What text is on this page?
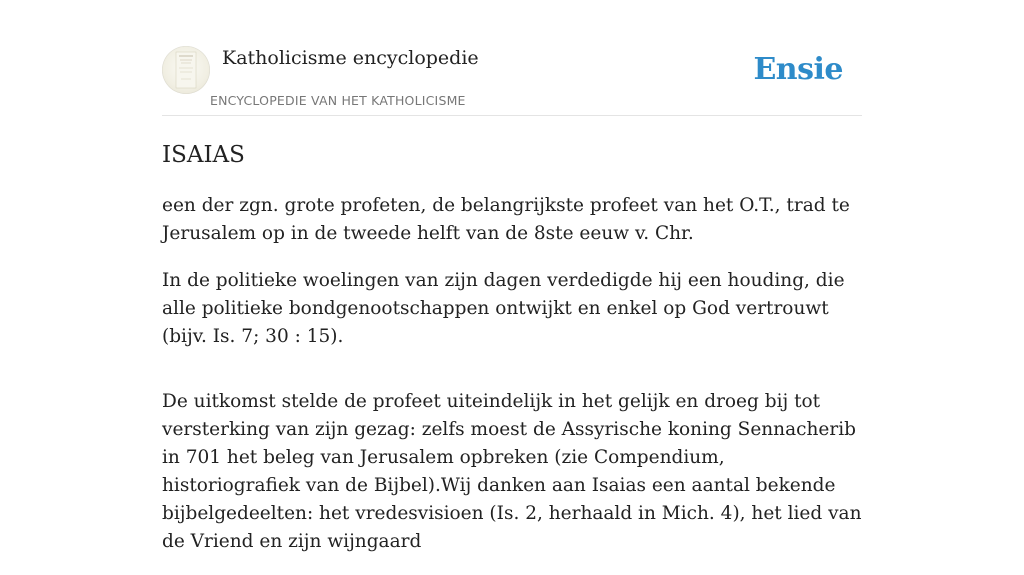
Katholicisme encyclopedie
ENCYCLOPEDIE VAN HET KATHOLICISME
Ensie
ISAIAS

een der zgn. grote profeten, de belangrijkste profeet van het O.T., trad te Jerusalem op in de tweede helft van de 8ste eeuw v. Chr.

In de politieke woelingen van zijn dagen verdedigde hij een houding, die alle politieke bondgenootschappen ontwijkt en enkel op God vertrouwt (bijv. Is. 7; 30 : 15).

De uitkomst stelde de profeet uiteindelijk in het gelijk en droeg bij tot versterking van zijn gezag: zelfs moest de Assyrische koning Sennacherib in 701 het beleg van Jerusalem opbreken (zie Compendium, historiografiek van de Bijbel).Wij danken aan Isaias een aantal bekende bijbelgedeelten: het vredesvisioen (Is. 2, herhaald in Mich. 4), het lied van de Vriend en zijn wijngaard
